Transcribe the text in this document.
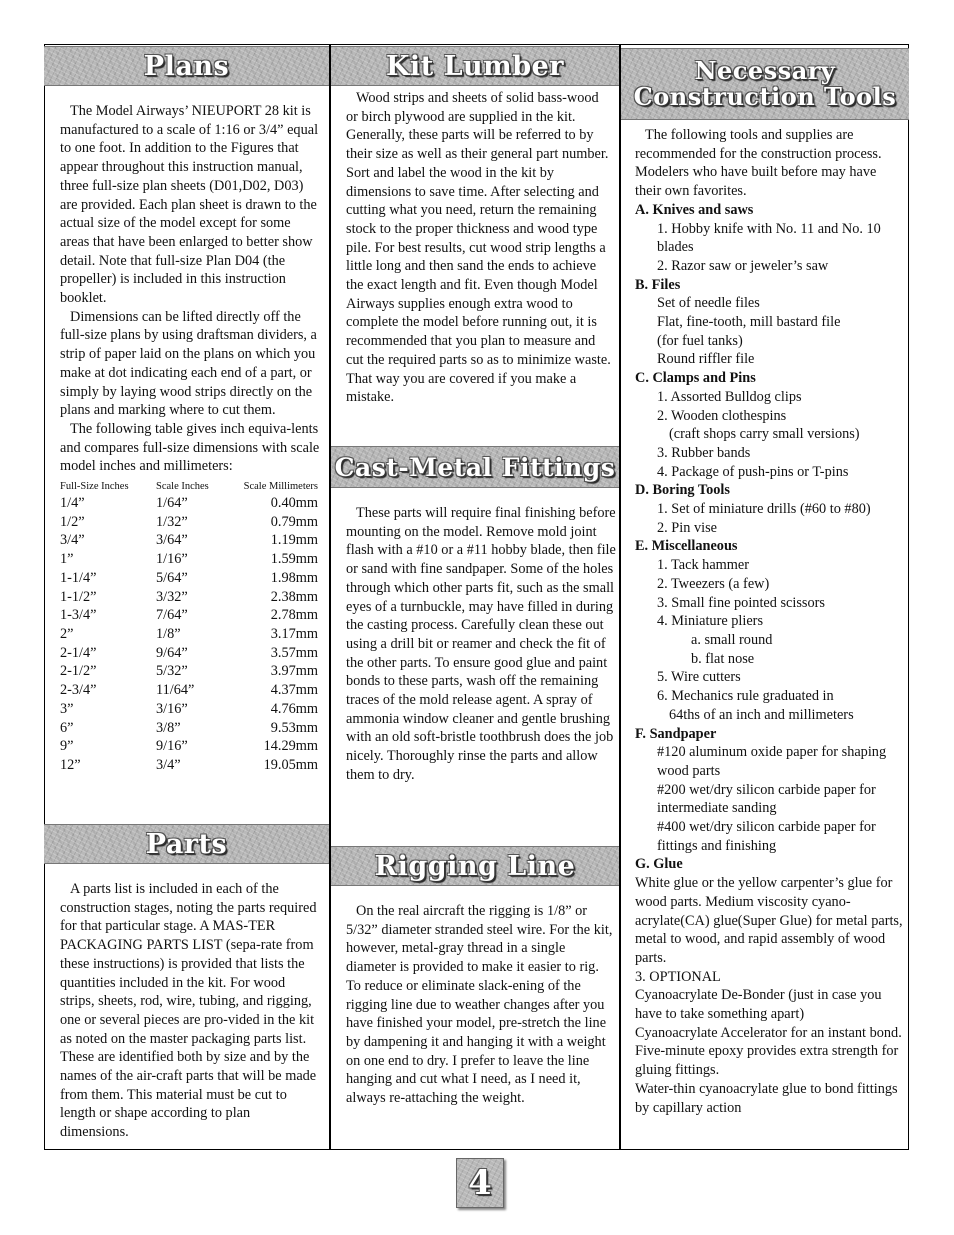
Plans

The Model Airways’ NIEUPORT 28 kit is manufactured to a scale of 1:16 or 3/4” equal to one foot. In addition to the Figures that appear throughout this instruction manual, three full-size plan sheets (D01,D02, D03) are provided. Each plan sheet is drawn to the actual size of the model except for some areas that have been enlarged to better show detail. Note that full-size Plan D04 (the propeller) is included in this instruction booklet.

Dimensions can be lifted directly off the full-size plans by using draftsman dividers, a strip of paper laid on the plans on which you make at dot indicating each end of a part, or simply by laying wood strips directly on the plans and marking where to cut them.

The following table gives inch equiva-lents and compares full-size dimensions with scale model inches and millimeters:

Full-Size Inches	Scale Inches	Scale Millimeters
1/4”	1/64”	0.40mm
1/2”	1/32”	0.79mm
3/4”	3/64”	1.19mm
1”	1/16”	1.59mm
1-1/4”	5/64”	1.98mm
1-1/2”	3/32”	2.38mm
1-3/4”	7/64”	2.78mm
2”	1/8”	3.17mm
2-1/4”	9/64”	3.57mm
2-1/2”	5/32”	3.97mm
2-3/4”	11/64”	4.37mm
3”	3/16”	4.76mm
6”	3/8”	9.53mm
9”	9/16”	14.29mm
12”	3/4”	19.05mm
Parts

A parts list is included in each of the construction stages, noting the parts required for that particular stage. A MAS-TER PACKAGING PARTS LIST (sepa-rate from these instructions) is provided that lists the quantities included in the kit. For wood strips, sheets, rod, wire, tubing, and rigging, one or several pieces are pro-vided in the kit as noted on the master packaging parts list. These are identified both by size and by the names of the air-craft parts that will be made from them. This material must be cut to length or shape according to plan dimensions.

Kit Lumber

Wood strips and sheets of solid bass-wood or birch plywood are supplied in the kit. Generally, these parts will be referred to by their size as well as their general part number. Sort and label the wood in the kit by dimensions to save time. After selecting and cutting what you need, return the remaining stock to the proper thickness and wood type pile. For best results, cut wood strip lengths a little long and then sand the ends to achieve the exact length and fit. Even though Model Airways supplies enough extra wood to complete the model before running out, it is recommended that you plan to measure and cut the required parts so as to minimize waste. That way you are covered if you make a mistake.

Cast-Metal Fittings

These parts will require final finishing before mounting on the model. Remove mold joint flash with a #10 or a #11 hobby blade, then file or sand with fine sandpaper. Some of the holes through which other parts fit, such as the small eyes of a turnbuckle, may have filled in during the casting process. Carefully clean these out using a drill bit or reamer and check the fit of the other parts. To ensure good glue and paint bonds to these parts, wash off the remaining traces of the mold release agent. A spray of ammonia window cleaner and gentle brushing with an old soft-bristle toothbrush does the job nicely. Thoroughly rinse the parts and allow them to dry.

Rigging Line

On the real aircraft the rigging is 1/8” or 5/32” diameter stranded steel wire. For the kit, however, metal-gray thread in a single diameter is provided to make it easier to rig. To reduce or eliminate slack-ening of the rigging line due to weather changes after you have finished your model, pre-stretch the line by dampening it and hanging it with a weight on one end to dry. I prefer to leave the line hanging and cut what I need, as I need it, always re-attaching the weight.

Necessary
Construction Tools

The following tools and supplies are recommended for the construction process. Modelers who have built before may have their own favorites.

A. Knives and saws
1. Hobby knife with No. 11 and No. 10 blades
2. Razor saw or jeweler’s saw
B. Files
Set of needle files
Flat, fine-tooth, mill bastard file
(for fuel tanks)
Round riffler file
C. Clamps and Pins
1. Assorted Bulldog clips
2. Wooden clothespins
(craft shops carry small versions)
3. Rubber bands
4. Package of push-pins or T-pins
D. Boring Tools
1. Set of miniature drills (#60 to #80)
2. Pin vise
E. Miscellaneous
1. Tack hammer
2. Tweezers (a few)
3. Small fine pointed scissors
4. Miniature pliers
a. small round
b. flat nose
5. Wire cutters
6. Mechanics rule graduated in
64ths of an inch and millimeters
F. Sandpaper
#120 aluminum oxide paper for shaping wood parts
#200 wet/dry silicon carbide paper for intermediate sanding
#400 wet/dry silicon carbide paper for fittings and finishing
G. Glue
White glue or the yellow carpenter’s glue for wood parts. Medium viscosity cyano-acrylate(CA) glue(Super Glue) for metal parts, metal to wood, and rapid assembly of wood parts.
3. OPTIONAL
Cyanoacrylate De-Bonder (just in case you have to take something apart)
Cyanoacrylate Accelerator for an instant bond. Five-minute epoxy provides extra strength for gluing fittings.
Water-thin cyanoacrylate glue to bond fittings by capillary action
4
